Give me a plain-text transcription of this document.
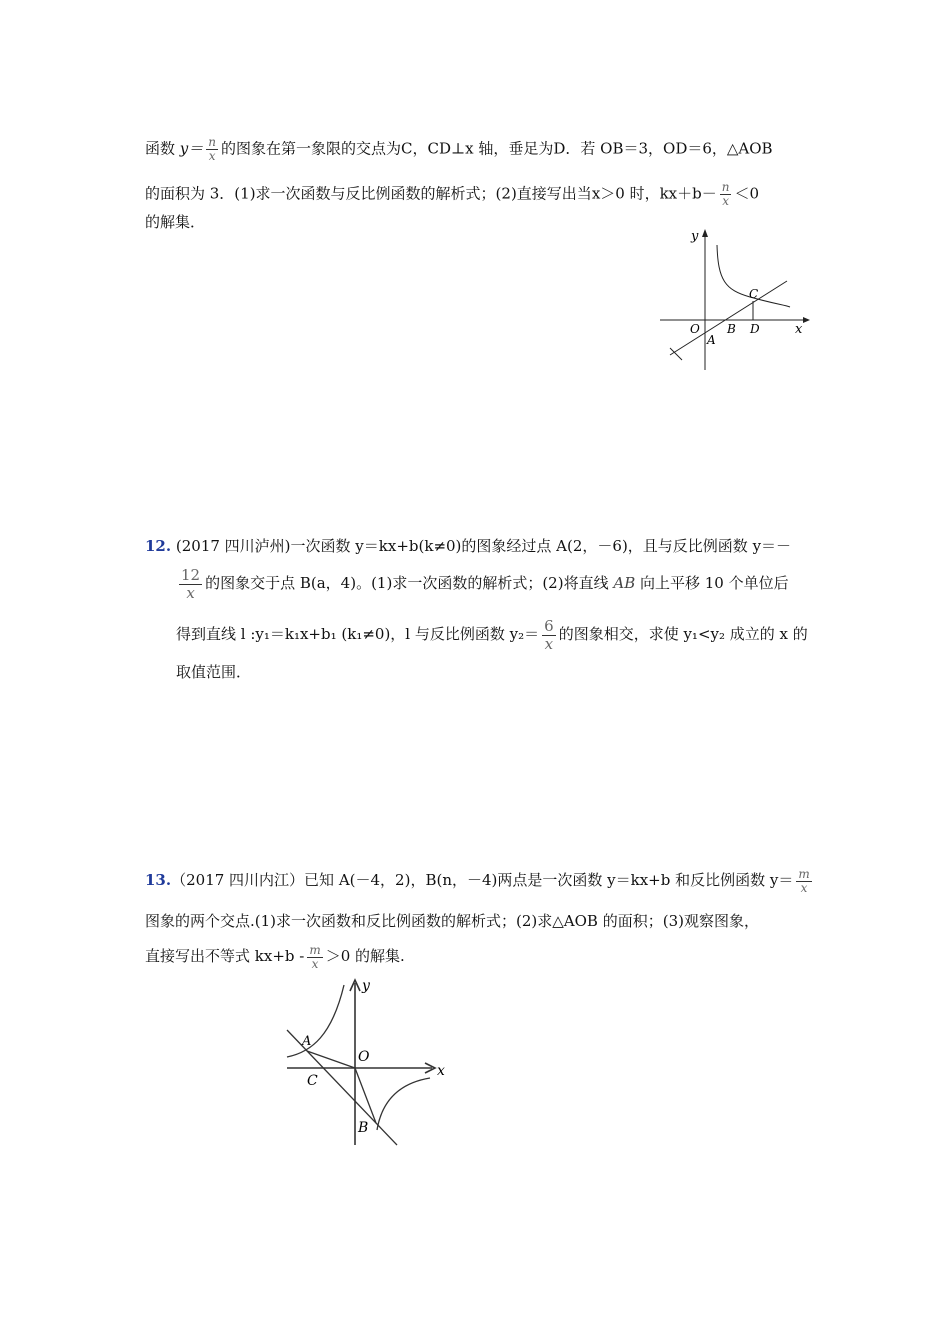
函数 $y= \frac{n}{x}$ 的图象在第一象限的交点为C，CD⊥x 轴，垂足为D．若 OB＝3，OD＝6，△AOB
的面积为 3．(1)求一次函数与反比例函数的解析式；(2)直接写出当x＞0 时，$kx+b- \frac{n}{x} <0$
的解集．
y
x
O
A
B
C
D
12. (2017 四川泸州)一次函数 y＝kx+b(k≠0)的图象经过点 A(2，－6)，且与反比例函数 y＝－
$\frac{12}{x}$ 的图象交于点 B(a，4)。(1)求一次函数的解析式；(2)将直线 AB 向上平移 10 个单位后
得到直线 l :y₁＝k₁x+b₁ (k₁≠0)，l 与反比例函数 $y_2= \frac{6}{x}$ 的图象相交，求使 y₁<y₂ 成立的 x 的
取值范围．
13.（2017 四川内江）已知 A(－4，2)，B(n，－4)两点是一次函数 y＝kx+b 和反比例函数 $y= \frac{m}{x}$
图象的两个交点.(1)求一次函数和反比例函数的解析式；(2)求△AOB 的面积；(3)观察图象，
直接写出不等式 $kx+b - \frac{m}{x} >0$ 的解集.
y
x
O
A
C
B
